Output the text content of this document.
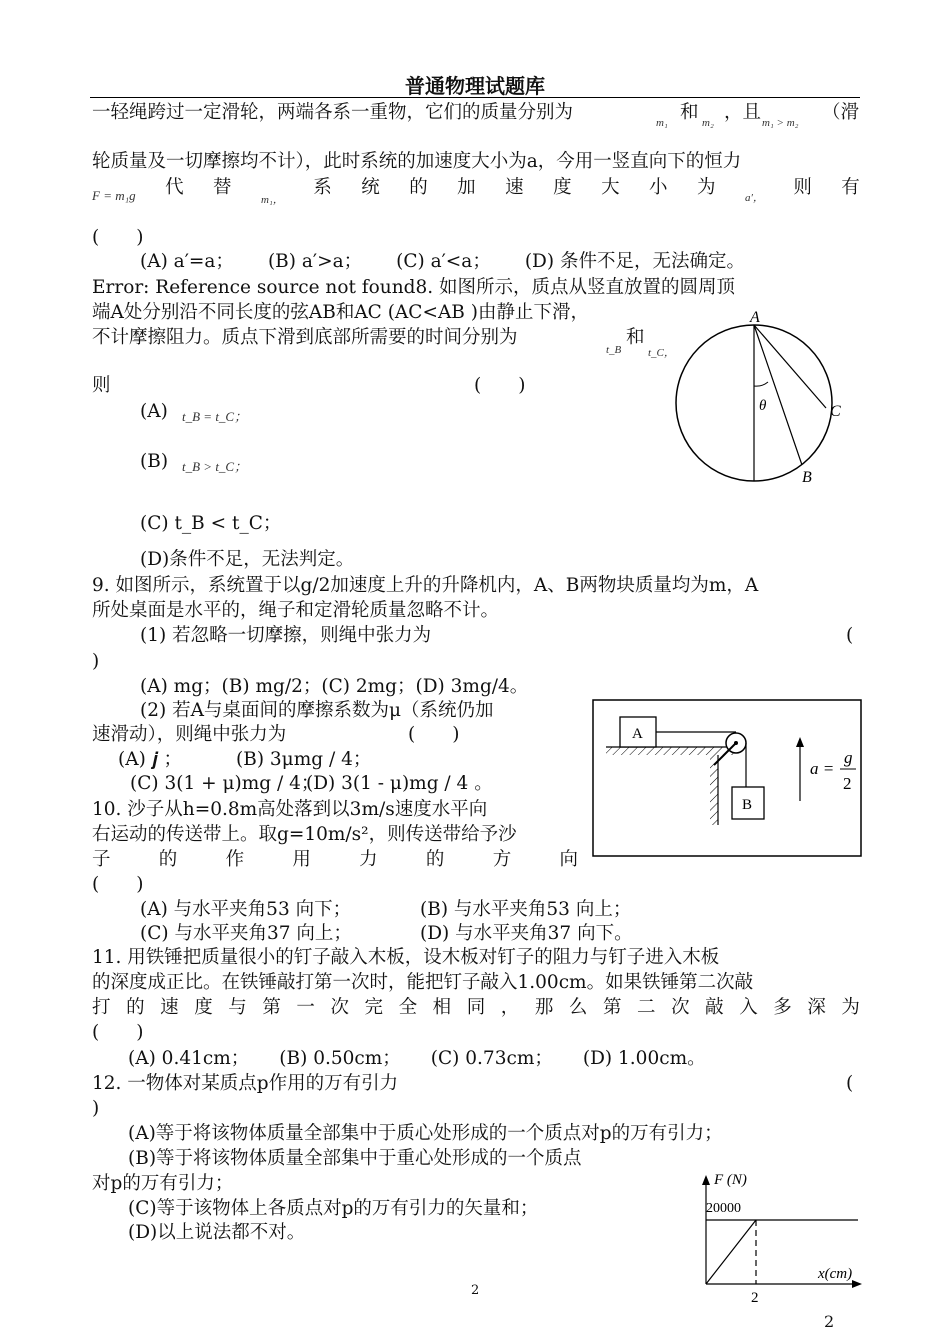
普通物理试题库
一轻绳跨过一定滑轮，两端各系一重物，它们的质量分别为	m₁ 和 m₂ ，且 m₁ > m₂ （滑
轮质量及一切摩擦均不计），此时系统的加速度大小为a，今用一竖直向下的恒力
F = m₁g 代 替
m₁，
系 统 的 加 速 度 大 小 为	a′， 则 有
(　　)
(A) a′=a； (B) a′>a； (C) a′<a； (D) 条件不足，无法确定。
Error: Reference source not found8. 如图所示，质点从竖直放置的圆周顶
端A处分别沿不同长度的弦AB和AC (AC<AB )由静止下滑，
不计摩擦阻力。质点下滑到底部所需要的时间分别为
t_B
和
t_C，
则	(　　)
(A) t_B = t_C；
(B) t_B > t_C；
(C) t_B < t_C；
(D)条件不足，无法判定。
A
B
C
θ
9. 如图所示，系统置于以g/2加速度上升的升降机内，A、B两物块质量均为m，A
所处桌面是水平的，绳子和定滑轮质量忽略不计。
(1) 若忽略一切摩擦，则绳中张力为	(
)
(A) mg；(B) mg/2；(C) 2mg；(D) 3mg/4。
(2) 若A与桌面间的摩擦系数为μ（系统仍加
速滑动），则绳中张力为	(　　)
(A) 𝒋 ；	(B) 3μmg / 4；
(C) 3(1 + μ)mg / 4；
(D) 3(1 - μ)mg / 4 。
A
B
a =
g
2
10. 沙子从h=0.8m高处落到以3m/s速度水平向
右运动的传送带上。取g=10m/s²，则传送带给予沙
子	的	作	用	力	的	方	向
(　　)
(A) 与水平夹角53 向下；	(B) 与水平夹角53 向上；
(C) 与水平夹角37 向上；	(D) 与水平夹角37 向下。
11. 用铁锤把质量很小的钉子敲入木板，设木板对钉子的阻力与钉子进入木板
的深度成正比。在铁锤敲打第一次时，能把钉子敲入1.00cm。如果铁锤第二次敲
打 的 速 度 与 第 一 次 完 全 相 同 ， 那 么 第 二 次 敲 入 多 深 为
(　　)
(A) 0.41cm； (B) 0.50cm； (C) 0.73cm； (D) 1.00cm。
12. 一物体对某质点p作用的万有引力	(
)
(A)等于将该物体质量全部集中于质心处形成的一个质点对p的万有引力；
(B)等于将该物体质量全部集中于重心处形成的一个质点
对p的万有引力；
(C)等于该物体上各质点对p的万有引力的矢量和；
(D)以上说法都不对。
F (N)
20000
x(cm)
2
2
2
